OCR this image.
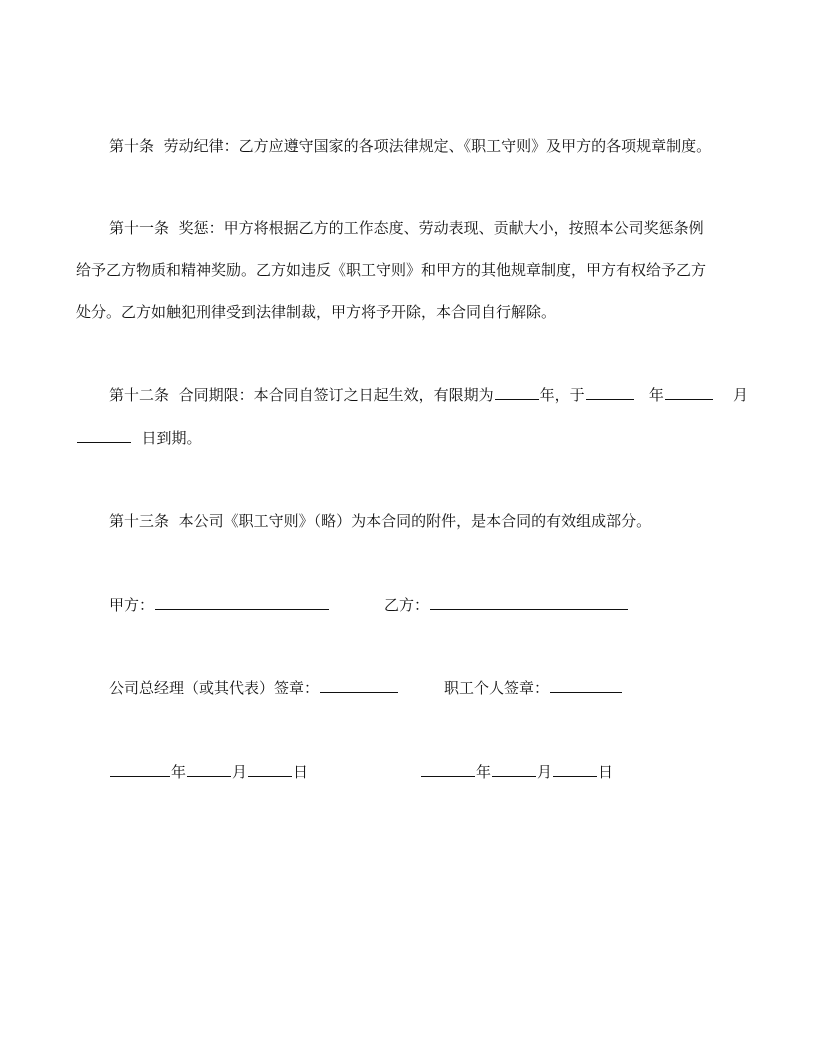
第十条 劳动纪律：乙方应遵守国家的各项法律规定、《职工守则》及甲方的各项规章制度。

第十一条 奖惩：甲方将根据乙方的工作态度、劳动表现、贡献大小，按照本公司奖惩条例

给予乙方物质和精神奖励。乙方如违反《职工守则》和甲方的其他规章制度，甲方有权给予乙方

处分。乙方如触犯刑律受到法律制裁，甲方将予开除，本合同自行解除。

第十二条 合同期限：本合同自签订之日起生效，有限期为	年，于	年	月

日到期。

第十三条 本公司《职工守则》（略）为本合同的附件，是本合同的有效组成部分。

甲方：	乙方：
公司总经理（或其代表）签章：	职工个人签章：
年	月	日	年	月	日
